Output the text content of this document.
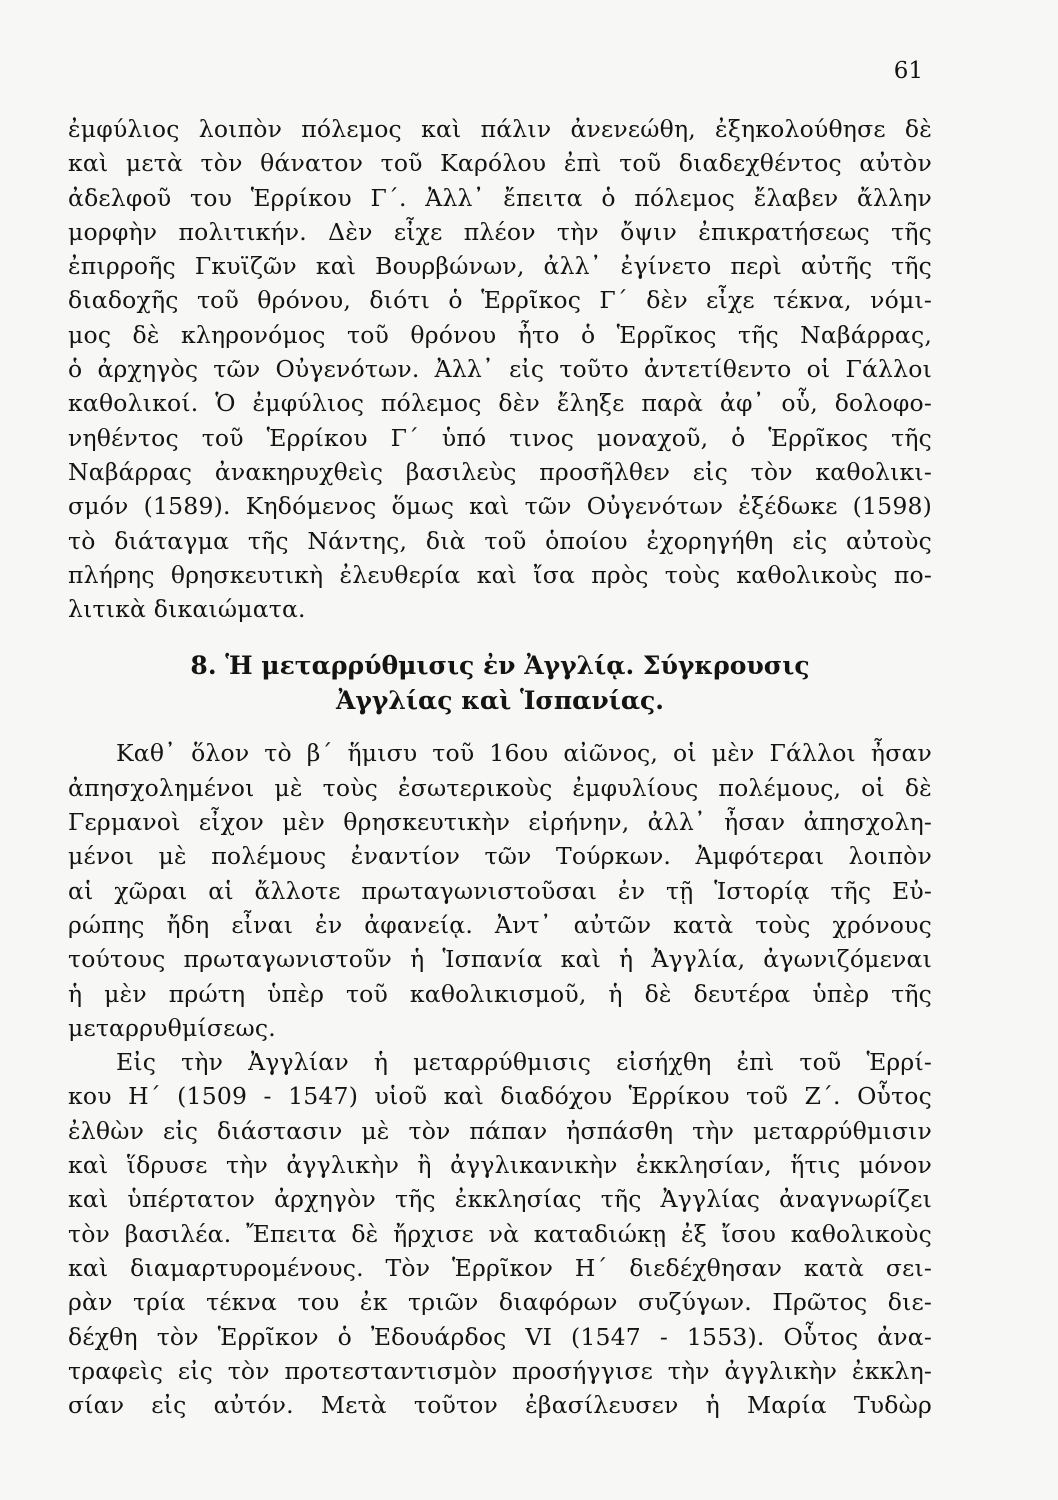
61
ἐμφύλιος λοιπὸν πόλεμος καὶ πάλιν ἀνενεώθη, ἐξηκολούθησε δὲ
καὶ μετὰ τὸν θάνατον τοῦ Καρόλου ἐπὶ τοῦ διαδεχθέντος αὐτὸν
ἀδελφοῦ του Ἑρρίκου Γ΄. Ἀλλ᾿ ἔπειτα ὁ πόλεμος ἔλαβεν ἄλλην
μορφὴν πολιτικήν. Δὲν εἶχε πλέον τὴν ὄψιν ἐπικρατήσεως τῆς
ἐπιρροῆς Γκυϊζῶν καὶ Βουρβώνων, ἀλλ᾿ ἐγίνετο περὶ αὐτῆς τῆς
διαδοχῆς τοῦ θρόνου, διότι ὁ Ἑρρῖκος Γ΄ δὲν εἶχε τέκνα, νόμι-
μος δὲ κληρονόμος τοῦ θρόνου ἦτο ὁ Ἑρρῖκος τῆς Ναβάρρας,
ὁ ἀρχηγὸς τῶν Οὐγενότων. Ἀλλ᾿ εἰς τοῦτο ἀντετίθεντο οἱ Γάλλοι
καθολικοί. Ὁ ἐμφύλιος πόλεμος δὲν ἔληξε παρὰ ἀφ᾿ οὗ, δολοφο-
νηθέντος τοῦ Ἑρρίκου Γ΄ ὑπό τινος μοναχοῦ, ὁ Ἑρρῖκος τῆς
Ναβάρρας ἀνακηρυχθεὶς βασιλεὺς προσῆλθεν εἰς τὸν καθολικι-
σμόν (1589). Κηδόμενος ὅμως καὶ τῶν Οὐγενότων ἐξέδωκε (1598)
τὸ διάταγμα τῆς Νάντης, διὰ τοῦ ὁποίου ἐχορηγήθη εἰς αὐτοὺς
πλήρης θρησκευτικὴ ἐλευθερία καὶ ἴσα πρὸς τοὺς καθολικοὺς πο-
λιτικὰ δικαιώματα.
8. Ἡ μεταρρύθμισις ἐν Ἀγγλίᾳ. Σύγκρουσις
Ἀγγλίας καὶ Ἱσπανίας.
Καθ᾿ ὅλον τὸ β΄ ἥμισυ τοῦ 16ου αἰῶνος, οἱ μὲν Γάλλοι ἦσαν
ἀπησχολημένοι μὲ τοὺς ἐσωτερικοὺς ἐμφυλίους πολέμους, οἱ δὲ
Γερμανοὶ εἶχον μὲν θρησκευτικὴν εἰρήνην, ἀλλ᾿ ἦσαν ἀπησχολη-
μένοι μὲ πολέμους ἐναντίον τῶν Τούρκων. Ἀμφότεραι λοιπὸν
αἱ χῶραι αἱ ἄλλοτε πρωταγωνιστοῦσαι ἐν τῇ Ἱστορίᾳ τῆς Εὐ-
ρώπης ἤδη εἶναι ἐν ἀφανείᾳ. Ἀντ᾿ αὐτῶν κατὰ τοὺς χρόνους
τούτους πρωταγωνιστοῦν ἡ Ἱσπανία καὶ ἡ Ἀγγλία, ἀγωνιζόμεναι
ἡ μὲν πρώτη ὑπὲρ τοῦ καθολικισμοῦ, ἡ δὲ δευτέρα ὑπὲρ τῆς
μεταρρυθμίσεως.
Εἰς τὴν Ἀγγλίαν ἡ μεταρρύθμισις εἰσήχθη ἐπὶ τοῦ Ἑρρί-
κου Η΄ (1509 - 1547) υἱοῦ καὶ διαδόχου Ἑρρίκου τοῦ Ζ΄. Οὗτος
ἐλθὼν εἰς διάστασιν μὲ τὸν πάπαν ἠσπάσθη τὴν μεταρρύθμισιν
καὶ ἵδρυσε τὴν ἀγγλικὴν ἢ ἀγγλικανικὴν ἐκκλησίαν, ἥτις μόνον
καὶ ὑπέρτατον ἀρχηγὸν τῆς ἐκκλησίας τῆς Ἀγγλίας ἀναγνωρίζει
τὸν βασιλέα. Ἔπειτα δὲ ἤρχισε νὰ καταδιώκῃ ἐξ ἴσου καθολικοὺς
καὶ διαμαρτυρομένους. Τὸν Ἑρρῖκον Η΄ διεδέχθησαν κατὰ σει-
ρὰν τρία τέκνα του ἐκ τριῶν διαφόρων συζύγων. Πρῶτος διε-
δέχθη τὸν Ἑρρῖκον ὁ Ἐδουάρδος VI (1547 - 1553). Οὗτος ἀνα-
τραφεὶς εἰς τὸν προτεσταντισμὸν προσήγγισε τὴν ἀγγλικὴν ἐκκλη-
σίαν εἰς αὐτόν. Μετὰ τοῦτον ἐβασίλευσεν ἡ Μαρία Τυδὼρ
